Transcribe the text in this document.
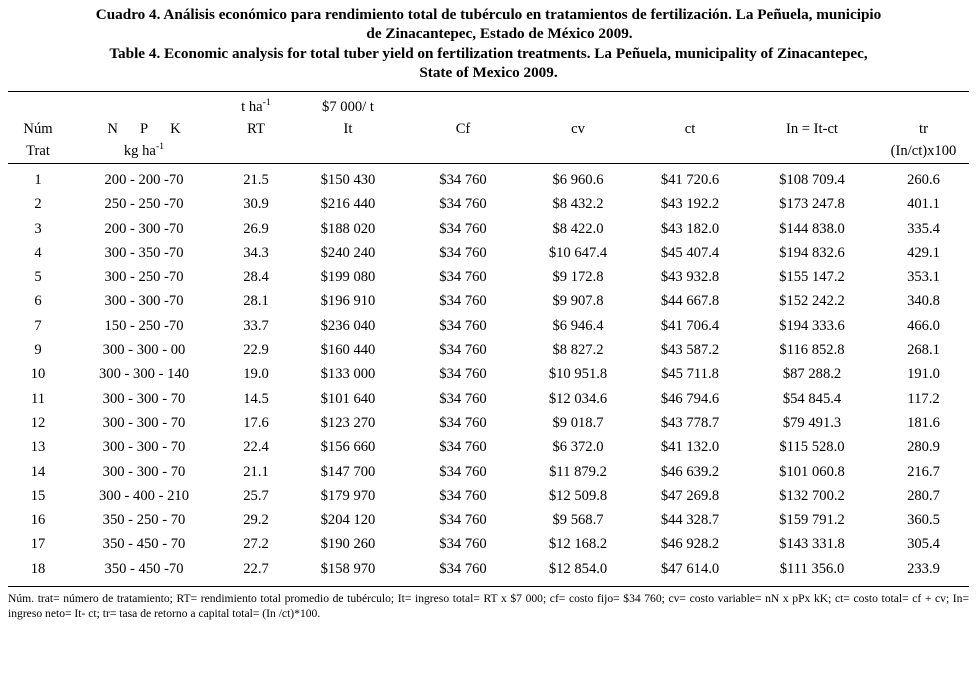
Cuadro 4. Análisis económico para rendimiento total de tubérculo en tratamientos de fertilización. La Peñuela, municipio
de Zinacantepec, Estado de México 2009.

Table 4. Economic analysis for total tuber yield on fertilization treatments. La Peñuela, municipality of Zinacantepec,
State of Mexico 2009.

		t $ha^{-1}$	$7 000/ t					
Núm	N P K	RT	It	Cf	cv	ct	In = It-ct	tr
Trat	kg $ha^{-1}$							(In/ct)x100
1	200 - 200 -70	21.5	$150 430	$34 760	$6 960.6	$41 720.6	$108 709.4	260.6
2	250 - 250 -70	30.9	$216 440	$34 760	$8 432.2	$43 192.2	$173 247.8	401.1
3	200 - 300 -70	26.9	$188 020	$34 760	$8 422.0	$43 182.0	$144 838.0	335.4
4	300 - 350 -70	34.3	$240 240	$34 760	$10 647.4	$45 407.4	$194 832.6	429.1
5	300 - 250 -70	28.4	$199 080	$34 760	$9 172.8	$43 932.8	$155 147.2	353.1
6	300 - 300 -70	28.1	$196 910	$34 760	$9 907.8	$44 667.8	$152 242.2	340.8
7	150 - 250 -70	33.7	$236 040	$34 760	$6 946.4	$41 706.4	$194 333.6	466.0
9	300 - 300 - 00	22.9	$160 440	$34 760	$8 827.2	$43 587.2	$116 852.8	268.1
10	300 - 300 - 140	19.0	$133 000	$34 760	$10 951.8	$45 711.8	$87 288.2	191.0
11	300 - 300 - 70	14.5	$101 640	$34 760	$12 034.6	$46 794.6	$54 845.4	117.2
12	300 - 300 - 70	17.6	$123 270	$34 760	$9 018.7	$43 778.7	$79 491.3	181.6
13	300 - 300 - 70	22.4	$156 660	$34 760	$6 372.0	$41 132.0	$115 528.0	280.9
14	300 - 300 - 70	21.1	$147 700	$34 760	$11 879.2	$46 639.2	$101 060.8	216.7
15	300 - 400 - 210	25.7	$179 970	$34 760	$12 509.8	$47 269.8	$132 700.2	280.7
16	350 - 250 - 70	29.2	$204 120	$34 760	$9 568.7	$44 328.7	$159 791.2	360.5
17	350 - 450 - 70	27.2	$190 260	$34 760	$12 168.2	$46 928.2	$143 331.8	305.4
18	350 - 450 -70	22.7	$158 970	$34 760	$12 854.0	$47 614.0	$111 356.0	233.9

Núm. trat= número de tratamiento; RT= rendimiento total promedio de tubérculo; It= ingreso total= RT x $7 000; cf= costo fijo= $34 760; cv= costo variable= nN x pPx kK; ct= costo total= cf + cv; In= ingreso neto= It- ct; tr= tasa de retorno a capital total= (In /ct)*100.
